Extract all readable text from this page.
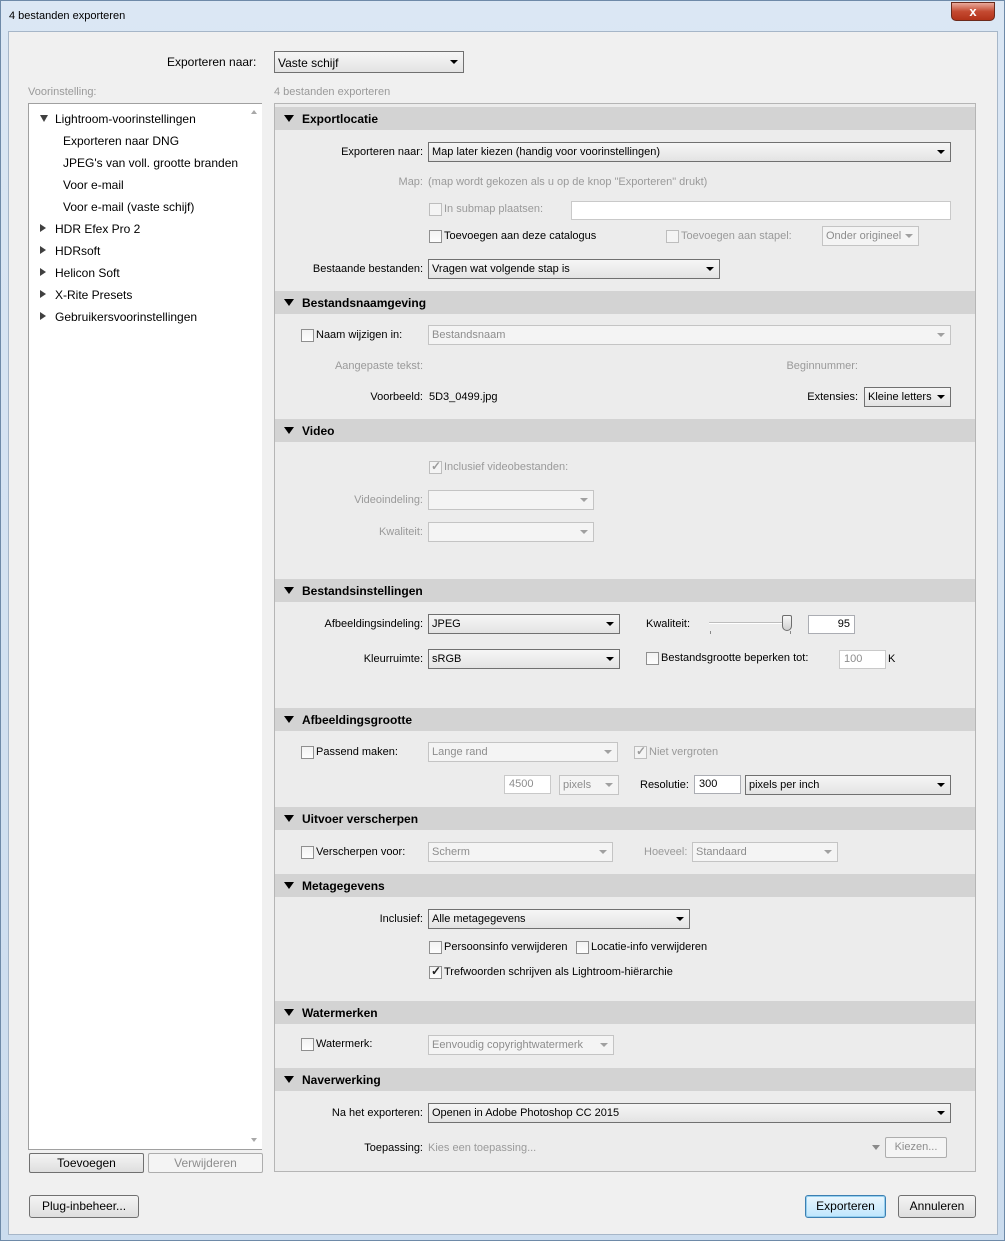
4 bestanden exporteren	x
Exporteren naar:	Vaste schijf
Voorinstelling:
Lightroom-voorinstellingen
Exporteren naar DNG
JPEG's van voll. grootte branden
Voor e-mail
Voor e-mail (vaste schijf)
HDR Efex Pro 2
HDRsoft
Helicon Soft
X-Rite Presets
Gebruikersvoorinstellingen
Toevoegen	Verwijderen
4 bestanden exporteren
Exportlocatie
Exporteren naar: Map later kiezen (handig voor voorinstellingen)
Map: (map wordt gekozen als u op de knop "Exporteren" drukt)
In submap plaatsen:
Toevoegen aan deze catalogus	Toevoegen aan stapel:	Onder origineel
Bestaande bestanden: Vragen wat volgende stap is
Bestandsnaamgeving
Naam wijzigen in:	Bestandsnaam
Aangepaste tekst:	Beginnummer:
Voorbeeld: 5D3_0499.jpg	Extensies: Kleine letters
Video
✓
Inclusief videobestanden:
Videoindeling:
Kwaliteit:
Bestandsinstellingen
Afbeeldingsindeling: JPEG	Kwaliteit:	95
Kleurruimte: sRGB	Bestandsgrootte beperken tot:	100	K
Afbeeldingsgrootte
Passend maken:	Lange rand
✓	Niet vergroten
4500	pixels	Resolutie: 300	pixels per inch
Uitvoer verscherpen
Verscherpen voor:	Scherm	Hoeveel: Standaard
Metagegevens
Inclusief: Alle metagegevens
Persoonsinfo verwijderen Locatie-info verwijderen
✓
Trefwoorden schrijven als Lightroom-hiërarchie
Watermerken
Watermerk:	Eenvoudig copyrightwatermerk
Naverwerking
Na het exporteren: Openen in Adobe Photoshop CC 2015
Toepassing: Kies een toepassing...	Kiezen...
Plug-inbeheer...	Exporteren	Annuleren
